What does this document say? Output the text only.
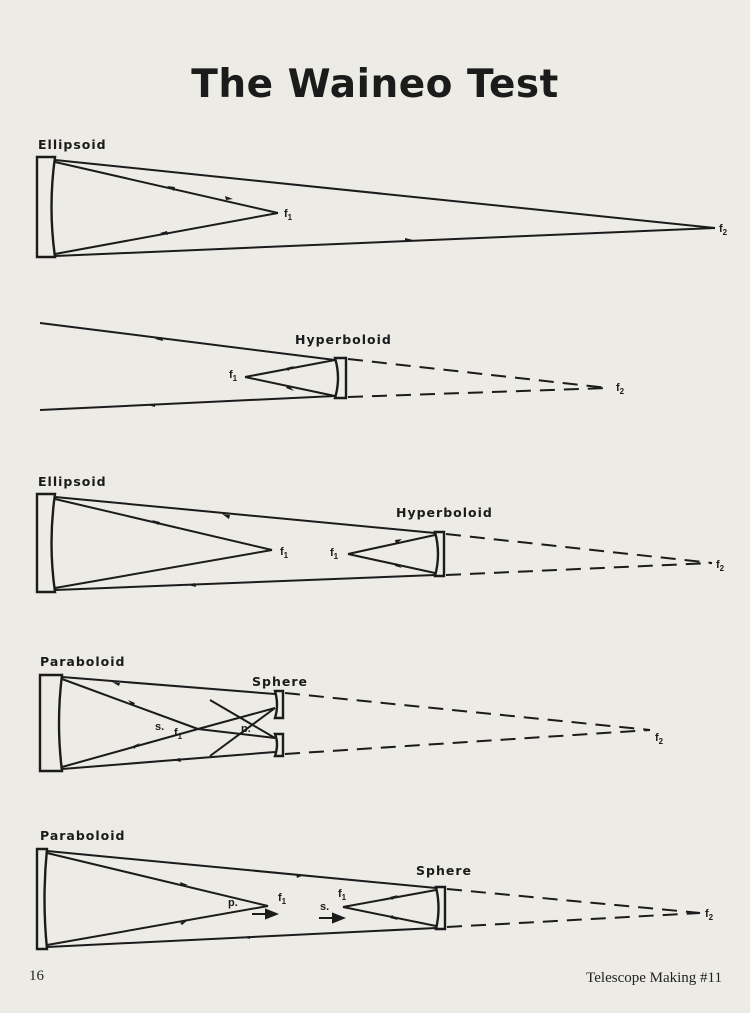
The Waineo Test
Ellipsoid
$f_1$
$f_2$
Hyperboloid
$f_1$
$f_2$
Ellipsoid
Hyperboloid
$f_1$	$f_1$
$f_2$
Paraboloid
Sphere
s. $f_1$
p.
$f_2$
Paraboloid
Sphere
p.	$f_1$	s.
$f_1$
$f_2$
16	Telescope Making #11
